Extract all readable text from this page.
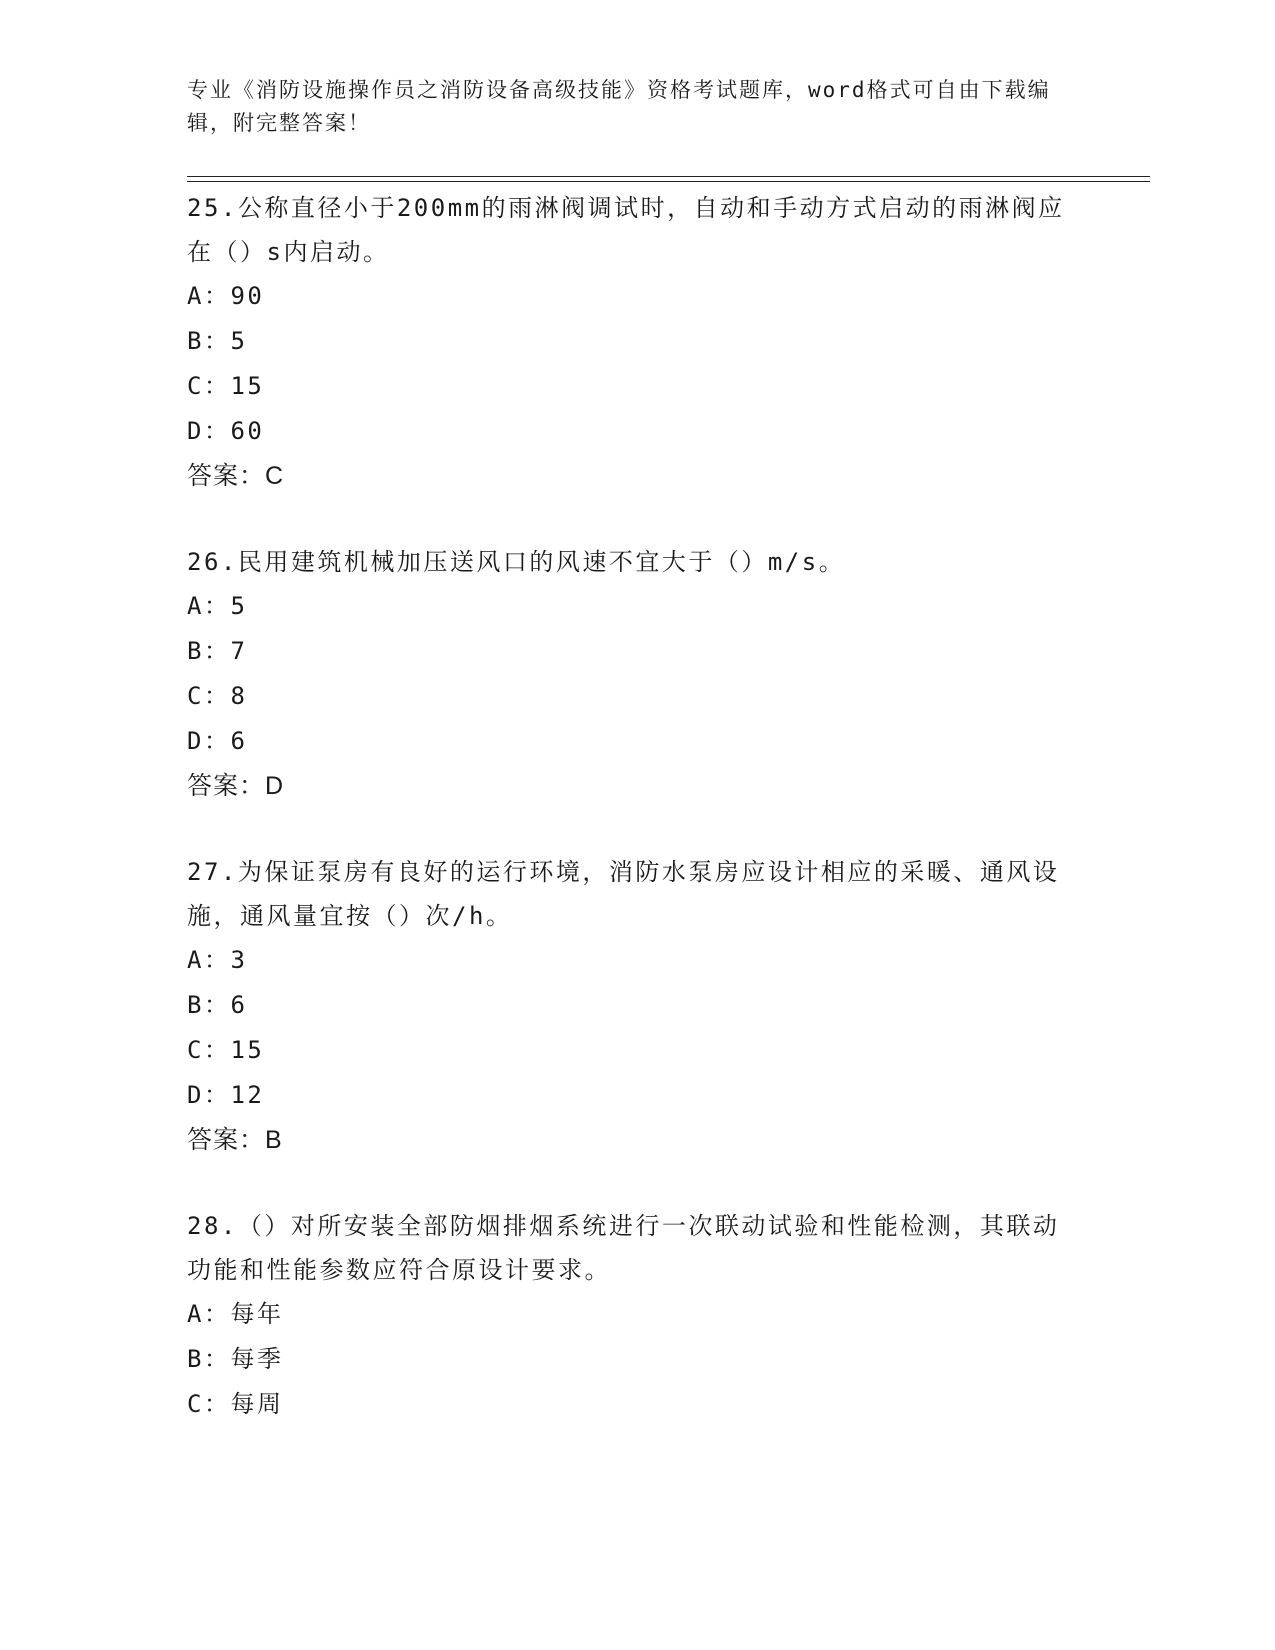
专业《消防设施操作员之消防设备高级技能》资格考试题库，word格式可自由下载编辑，附完整答案！
25.公称直径小于200mm的雨淋阀调试时，自动和手动方式启动的雨淋阀应在（）s内启动。
A：90
B：5
C：15
D：60
答案：C
26.民用建筑机械加压送风口的风速不宜大于（）m/s。
A：5
B：7
C：8
D：6
答案：D
27.为保证泵房有良好的运行环境，消防水泵房应设计相应的采暖、通风设施，通风量宜按（）次/h。
A：3
B：6
C：15
D：12
答案：B
28.（）对所安装全部防烟排烟系统进行一次联动试验和性能检测，其联动功能和性能参数应符合原设计要求。
A：每年
B：每季
C：每周
